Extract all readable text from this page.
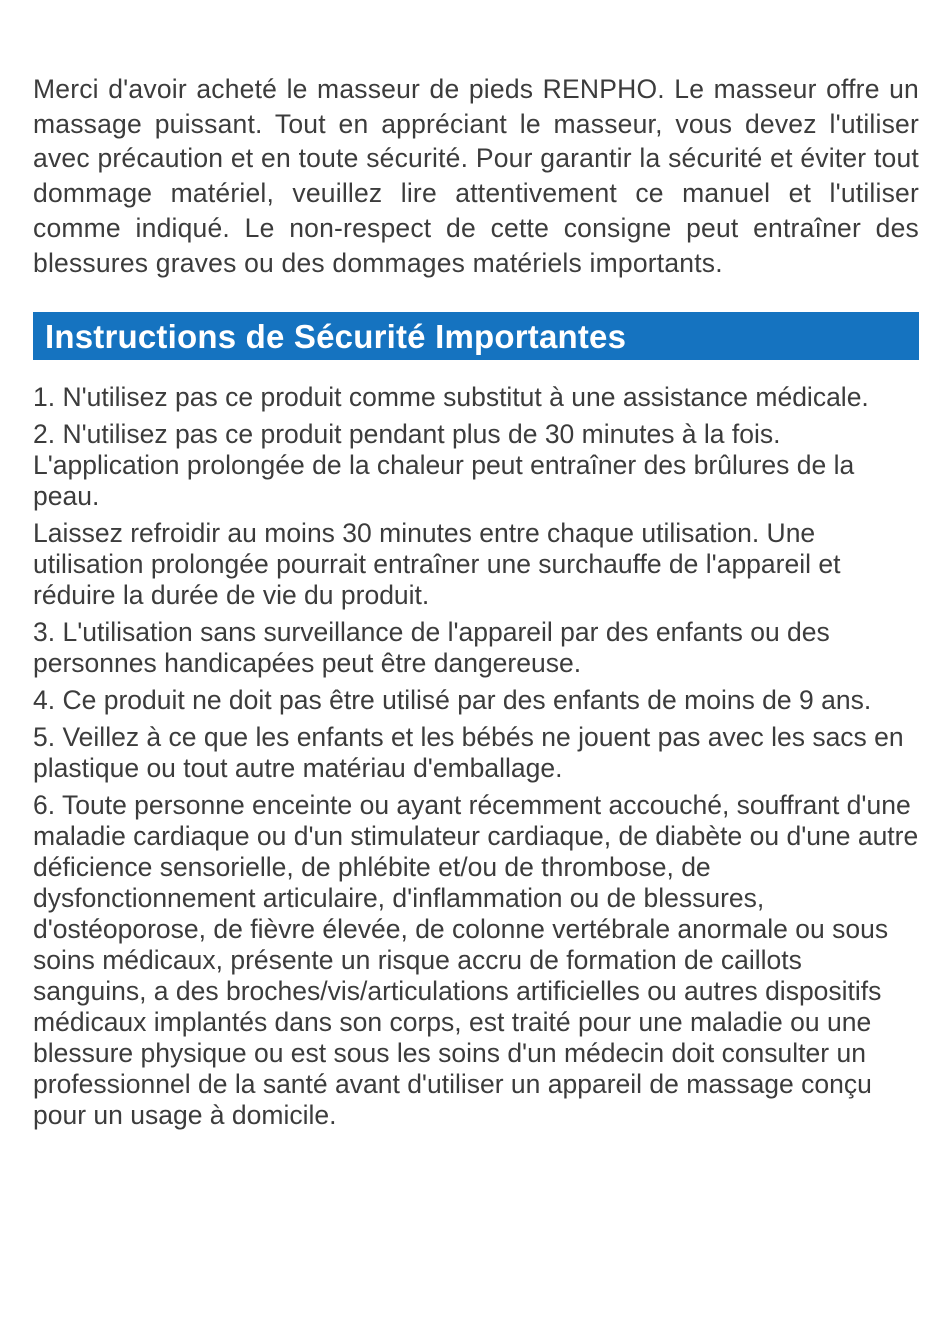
Merci d'avoir acheté le masseur de pieds RENPHO. Le masseur offre un massage puissant. Tout en appréciant le masseur, vous devez l'utiliser avec précaution et en toute sécurité. Pour garantir la sécurité et éviter tout dommage matériel, veuillez lire attentivement ce manuel et l'utiliser comme indiqué. Le non-respect de cette consigne peut entraîner des blessures graves ou des dommages matériels importants.

Instructions de Sécurité Importantes

1. N'utilisez pas ce produit comme substitut à une assistance médicale.

2. N'utilisez pas ce produit pendant plus de 30 minutes à la fois. L'application prolongée de la chaleur peut entraîner des brûlures de la peau.

Laissez refroidir au moins 30 minutes entre chaque utilisation. Une utilisation prolongée pourrait entraîner une surchauffe de l'appareil et réduire la durée de vie du produit.

3. L'utilisation sans surveillance de l'appareil par des enfants ou des personnes handicapées peut être dangereuse.

4. Ce produit ne doit pas être utilisé par des enfants de moins de 9 ans.

5. Veillez à ce que les enfants et les bébés ne jouent pas avec les sacs en plastique ou tout autre matériau d'emballage.

6. Toute personne enceinte ou ayant récemment accouché, souffrant d'une maladie cardiaque ou d'un stimulateur cardiaque, de diabète ou d'une autre déficience sensorielle, de phlébite et/ou de thrombose, de dysfonctionnement articulaire, d'inflammation ou de blessures, d'ostéoporose, de fièvre élevée, de colonne vertébrale anormale ou sous soins médicaux, présente un risque accru de formation de caillots sanguins, a des broches/vis/articulations artificielles ou autres dispositifs médicaux implantés dans son corps, est traité pour une maladie ou une blessure physique ou est sous les soins d'un médecin doit consulter un professionnel de la santé avant d'utiliser un appareil de massage conçu pour un usage à domicile.
